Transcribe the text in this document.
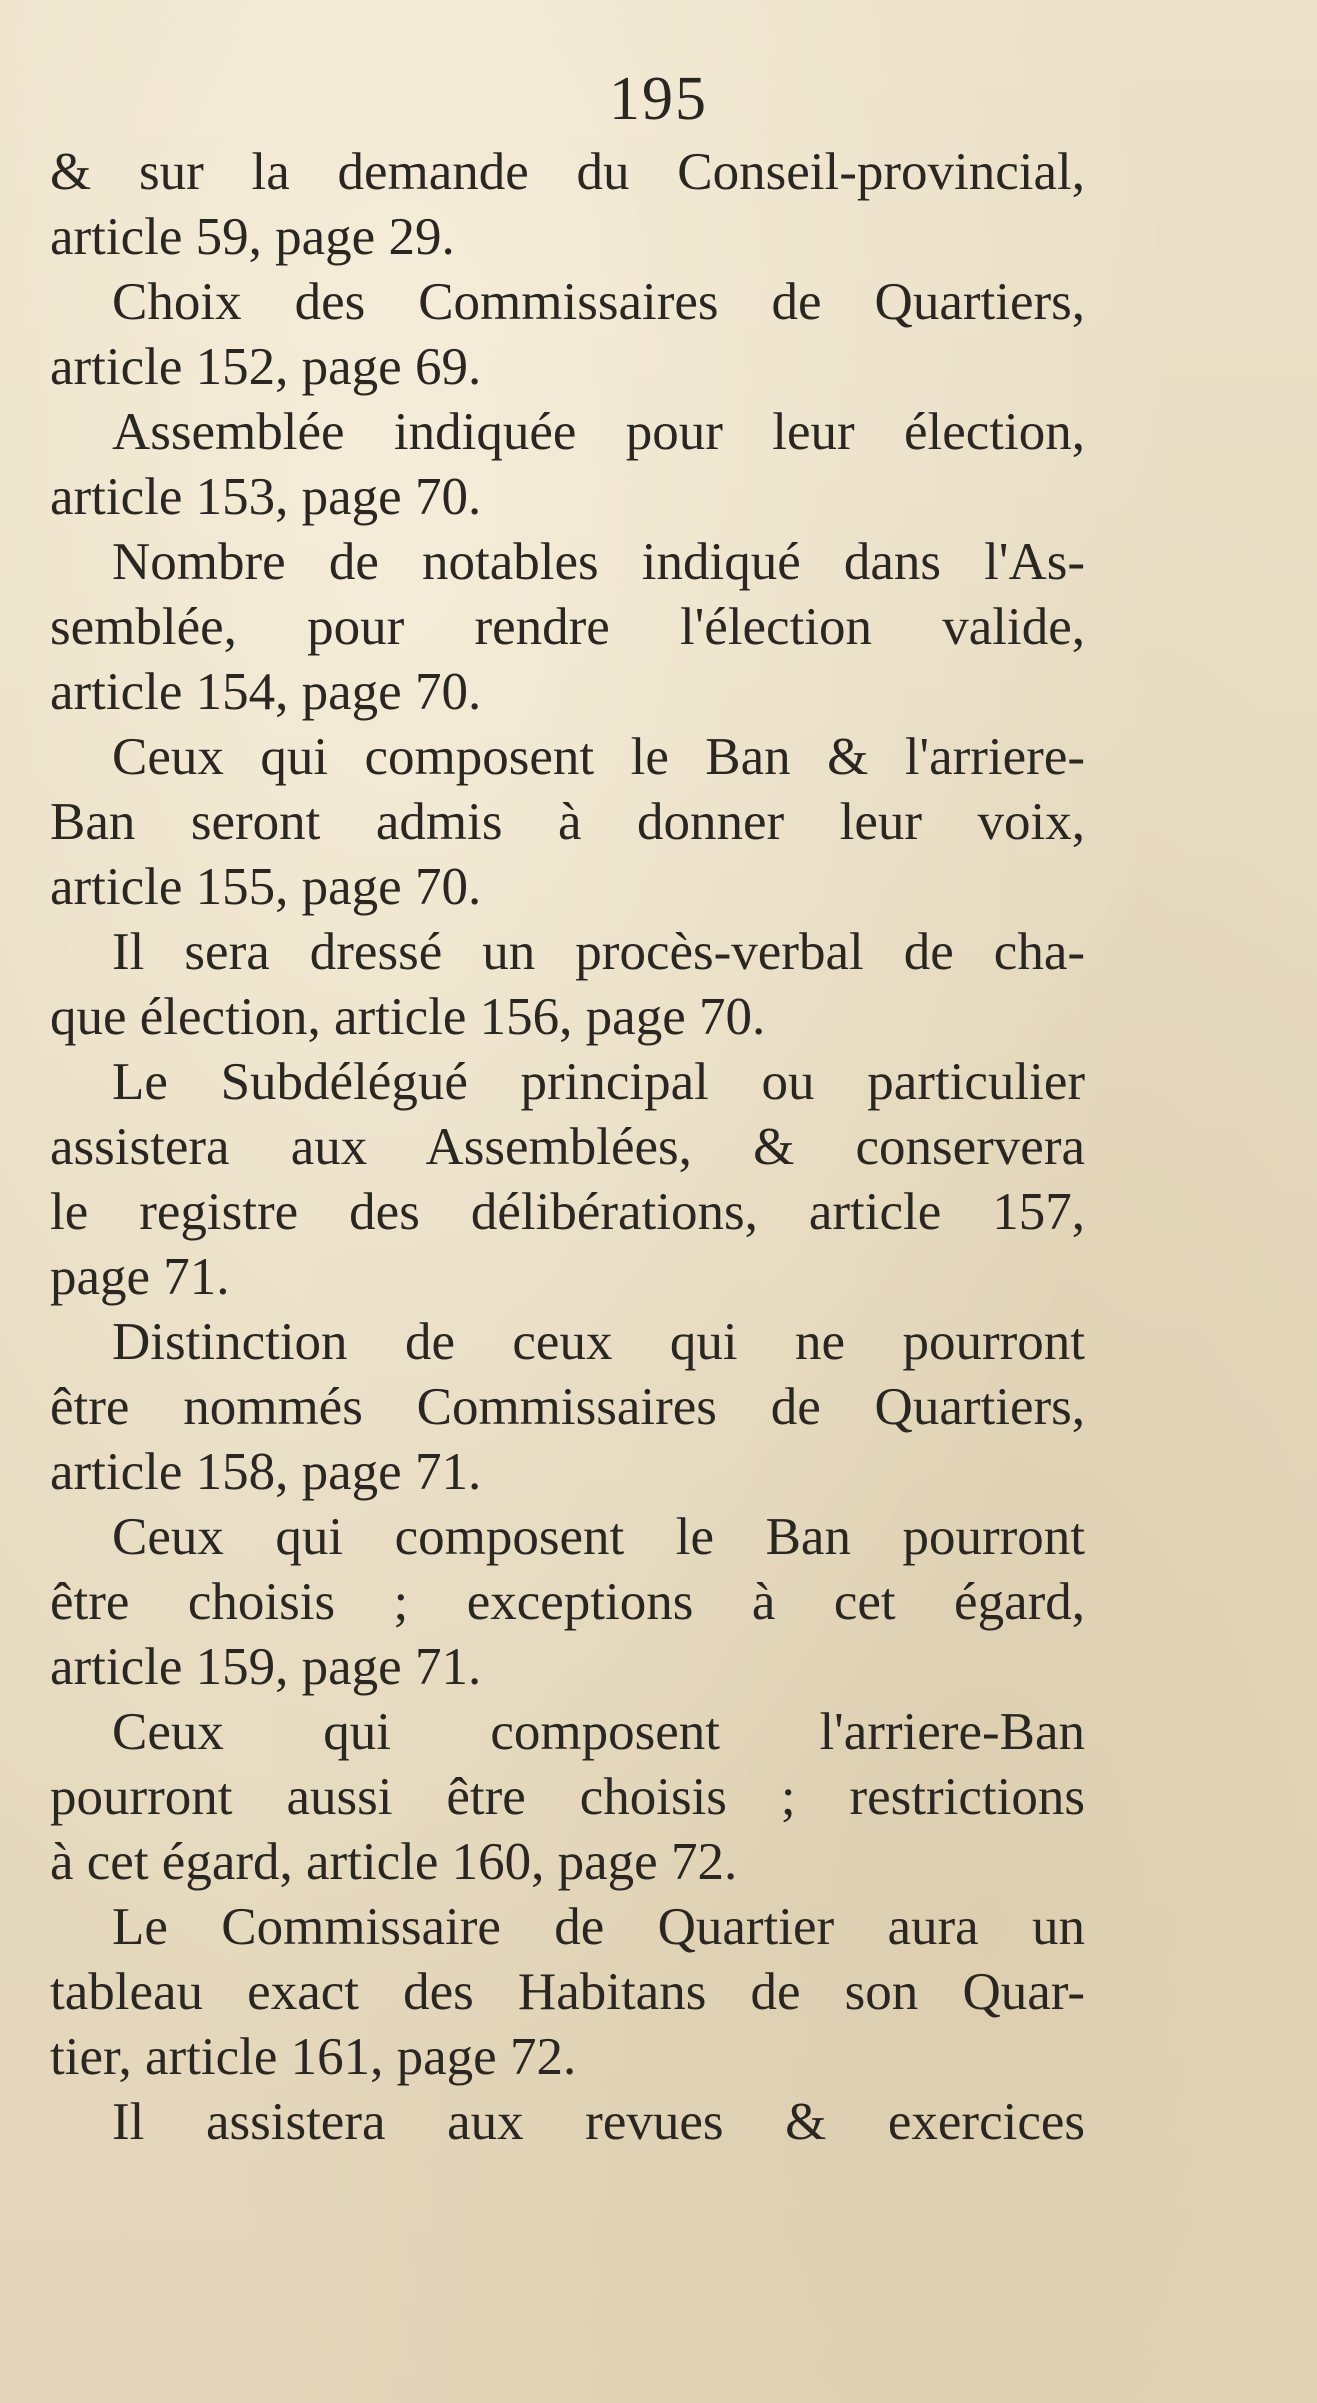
195
& sur la demande du Conseil-provincial,
article 59, page 29.
Choix des Commissaires de Quartiers,
article 152, page 69.
Assemblée indiquée pour leur élection,
article 153, page 70.
Nombre de notables indiqué dans l'As-
semblée, pour rendre l'élection valide,
article 154, page 70.
Ceux qui composent le Ban & l'arriere-
Ban seront admis à donner leur voix,
article 155, page 70.
Il sera dressé un procès-verbal de cha-
que élection, article 156, page 70.
Le Subdélégué principal ou particulier
assistera aux Assemblées, & conservera
le registre des délibérations, article 157,
page 71.
Distinction de ceux qui ne pourront
être nommés Commissaires de Quartiers,
article 158, page 71.
Ceux qui composent le Ban pourront
être choisis ; exceptions à cet égard,
article 159, page 71.
Ceux qui composent l'arriere-Ban
pourront aussi être choisis ; restrictions
à cet égard, article 160, page 72.
Le Commissaire de Quartier aura un
tableau exact des Habitans de son Quar-
tier, article 161, page 72.
Il assistera aux revues & exercices
